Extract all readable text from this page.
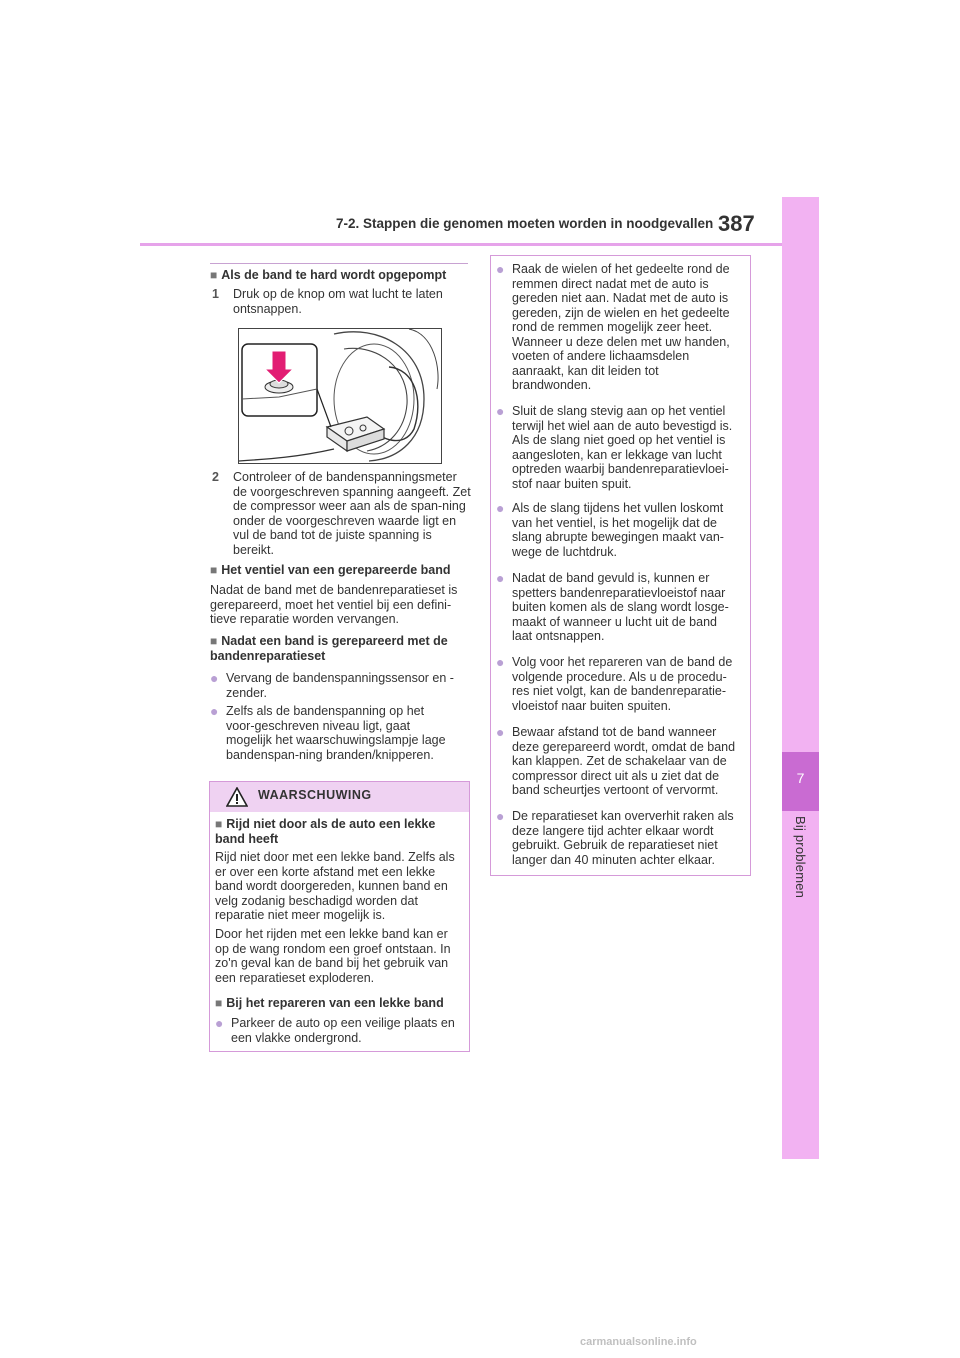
7
Bij problemen
7-2. Stappen die genomen moeten worden in noodgevallen 387
■ Als de band te hard wordt opgepompt
1 Druk op de knop om wat lucht te laten ontsnappen.
2 Controleer of de bandenspanningsmeter de voorgeschreven spanning aangeeft. Zet de compressor weer aan als de span-ning onder de voorgeschreven waarde ligt en vul de band tot de juiste spanning is bereikt.
■ Het ventiel van een gerepareerde band
Nadat de band met de bandenreparatieset is gerepareerd, moet het ventiel bij een defini-tieve reparatie worden vervangen.
■ Nadat een band is gerepareerd met de bandenreparatieset
● Vervang de bandenspanningssensor en -zender.
● Zelfs als de bandenspanning op het voor-geschreven niveau ligt, gaat mogelijk het waarschuwingslampje lage bandenspan-ning branden/knipperen.
WAARSCHUWING
■ Rijd niet door als de auto een lekke band heeft
Rijd niet door met een lekke band. Zelfs als er over een korte afstand met een lekke band wordt doorgereden, kunnen band en velg zodanig beschadigd worden dat reparatie niet meer mogelijk is.
Door het rijden met een lekke band kan er op de wang rondom een groef ontstaan. In zo'n geval kan de band bij het gebruik van een reparatieset exploderen.
■ Bij het repareren van een lekke band
● Parkeer de auto op een veilige plaats en een vlakke ondergrond.
● Raak de wielen of het gedeelte rond de remmen direct nadat met de auto is gereden niet aan. Nadat met de auto is gereden, zijn de wielen en het gedeelte rond de remmen mogelijk zeer heet. Wanneer u deze delen met uw handen, voeten of andere lichaamsdelen aanraakt, kan dit leiden tot brandwonden.
● Sluit de slang stevig aan op het ventiel terwijl het wiel aan de auto bevestigd is. Als de slang niet goed op het ventiel is aangesloten, kan er lekkage van lucht optreden waarbij bandenreparatievloei-stof naar buiten spuit.
● Als de slang tijdens het vullen loskomt van het ventiel, is het mogelijk dat de slang abrupte bewegingen maakt van-wege de luchtdruk.
● Nadat de band gevuld is, kunnen er spetters bandenreparatievloeistof naar buiten komen als de slang wordt losge-maakt of wanneer u lucht uit de band laat ontsnappen.
● Volg voor het repareren van de band de volgende procedure. Als u de procedu-res niet volgt, kan de bandenreparatie-vloeistof naar buiten spuiten.
● Bewaar afstand tot de band wanneer deze gerepareerd wordt, omdat de band kan klappen. Zet de schakelaar van de compressor direct uit als u ziet dat de band scheurtjes vertoont of vervormt.
● De reparatieset kan oververhit raken als deze langere tijd achter elkaar wordt gebruikt. Gebruik de reparatieset niet langer dan 40 minuten achter elkaar.
carmanualsonline.info
